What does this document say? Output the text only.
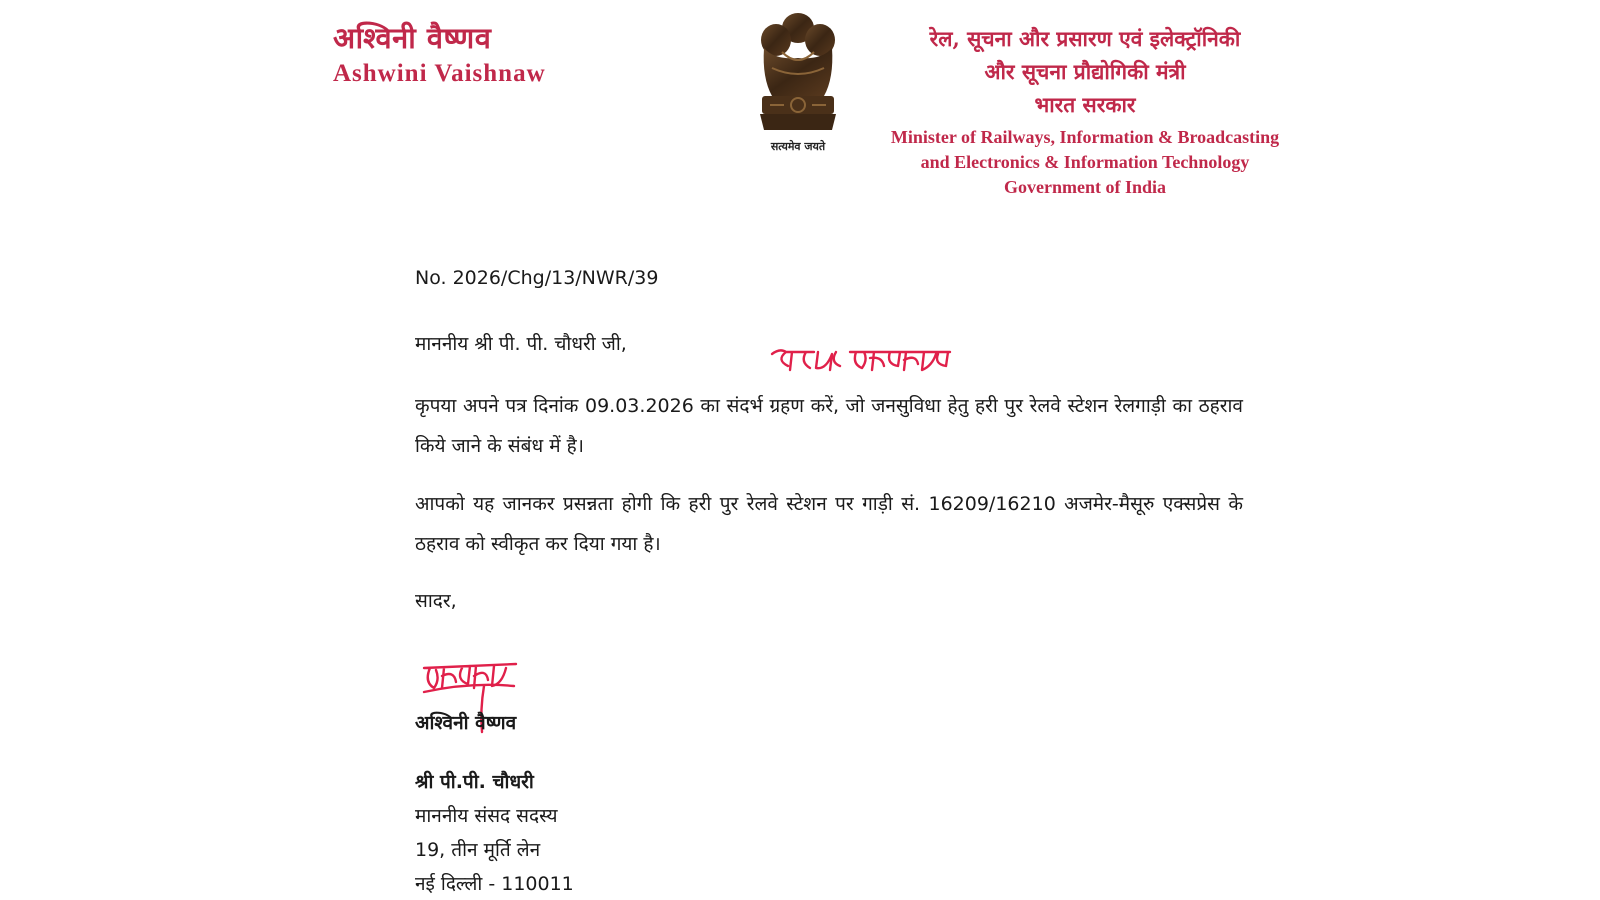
अश्विनी वैष्णव
Ashwini Vaishnaw
सत्यमेव जयते
रेल, सूचना और प्रसारण एवं इलेक्ट्रॉनिकी
और सूचना प्रौद्योगिकी मंत्री
भारत सरकार
Minister of Railways, Information & Broadcasting
and Electronics & Information Technology
Government of India
No. 2026/Chg/13/NWR/39
माननीय श्री पी. पी. चौधरी जी,
कृपया अपने पत्र दिनांक 09.03.2026 का संदर्भ ग्रहण करें, जो जनसुविधा हेतु हरी पुर रेलवे स्टेशन रेलगाड़ी का ठहराव किये जाने के संबंध में है।
आपको यह जानकर प्रसन्नता होगी कि हरी पुर रेलवे स्टेशन पर गाड़ी सं. 16209/16210 अजमेर-मैसूरु एक्सप्रेस के ठहराव को स्वीकृत कर दिया गया है।
सादर,
अश्विनी वैष्णव
श्री पी.पी. चौधरी
माननीय संसद सदस्य
19, तीन मूर्ति लेन
नई दिल्ली - 110011
